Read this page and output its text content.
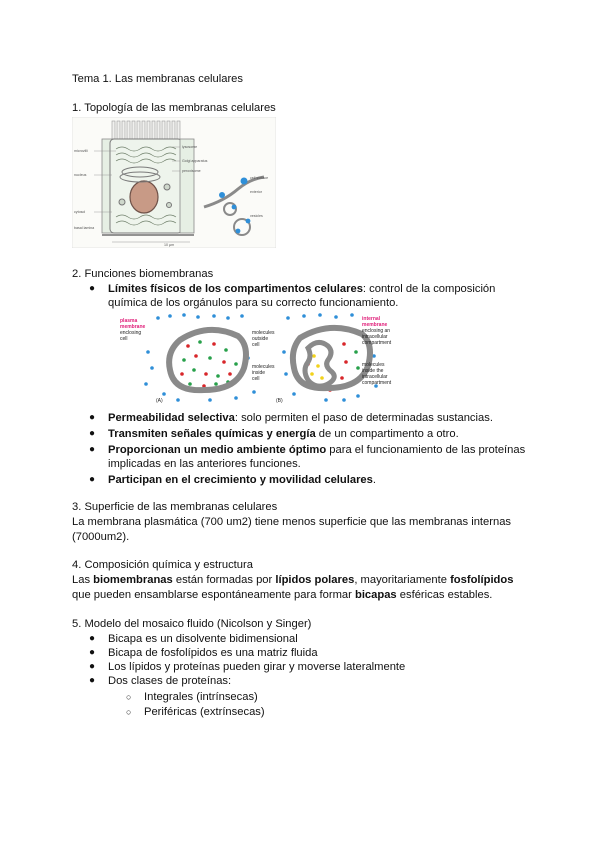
Tema 1. Las membranas celulares
1. Topología de las membranas celulares
microvilli
nucleus
cytosol
lysosome
Golgi apparatus
peroxisome
basal lamina
cell surface
vesicles
exterior
10 µm
2. Funciones biomembranas
● Límites físicos de los compartimentos celulares: control de la composición
química de los orgánulos para su correcto funcionamiento.
plasma
membrane
enclosing
cell
molecules
outside
cell
molecules
inside
cell
internal
membrane
enclosing an
intracellular
compartment
molecules
inside the
intracellular
compartment
(A)	(B)
● Permeabilidad selectiva: solo permiten el paso de determinadas sustancias.
● Transmiten señales químicas y energía de un compartimento a otro.
● Proporcionan un medio ambiente óptimo para el funcionamiento de las proteínas
implicadas en las anteriores funciones.
● Participan en el crecimiento y movilidad celulares.
3. Superficie de las membranas celulares
La membrana plasmática (700 um2) tiene menos superficie que las membranas internas
(7000um2).
4. Composición química y estructura
Las biomembranas están formadas por lípidos polares, mayoritariamente fosfolípidos
que pueden ensamblarse espontáneamente para formar bicapas esféricas estables.
5. Modelo del mosaico fluido (Nicolson y Singer)
● Bicapa es un disolvente bidimensional
● Bicapa de fosfolípidos es una matriz fluida
● Los lípidos y proteínas pueden girar y moverse lateralmente
● Dos clases de proteínas:
○ Integrales (intrínsecas)
○ Periféricas (extrínsecas)
